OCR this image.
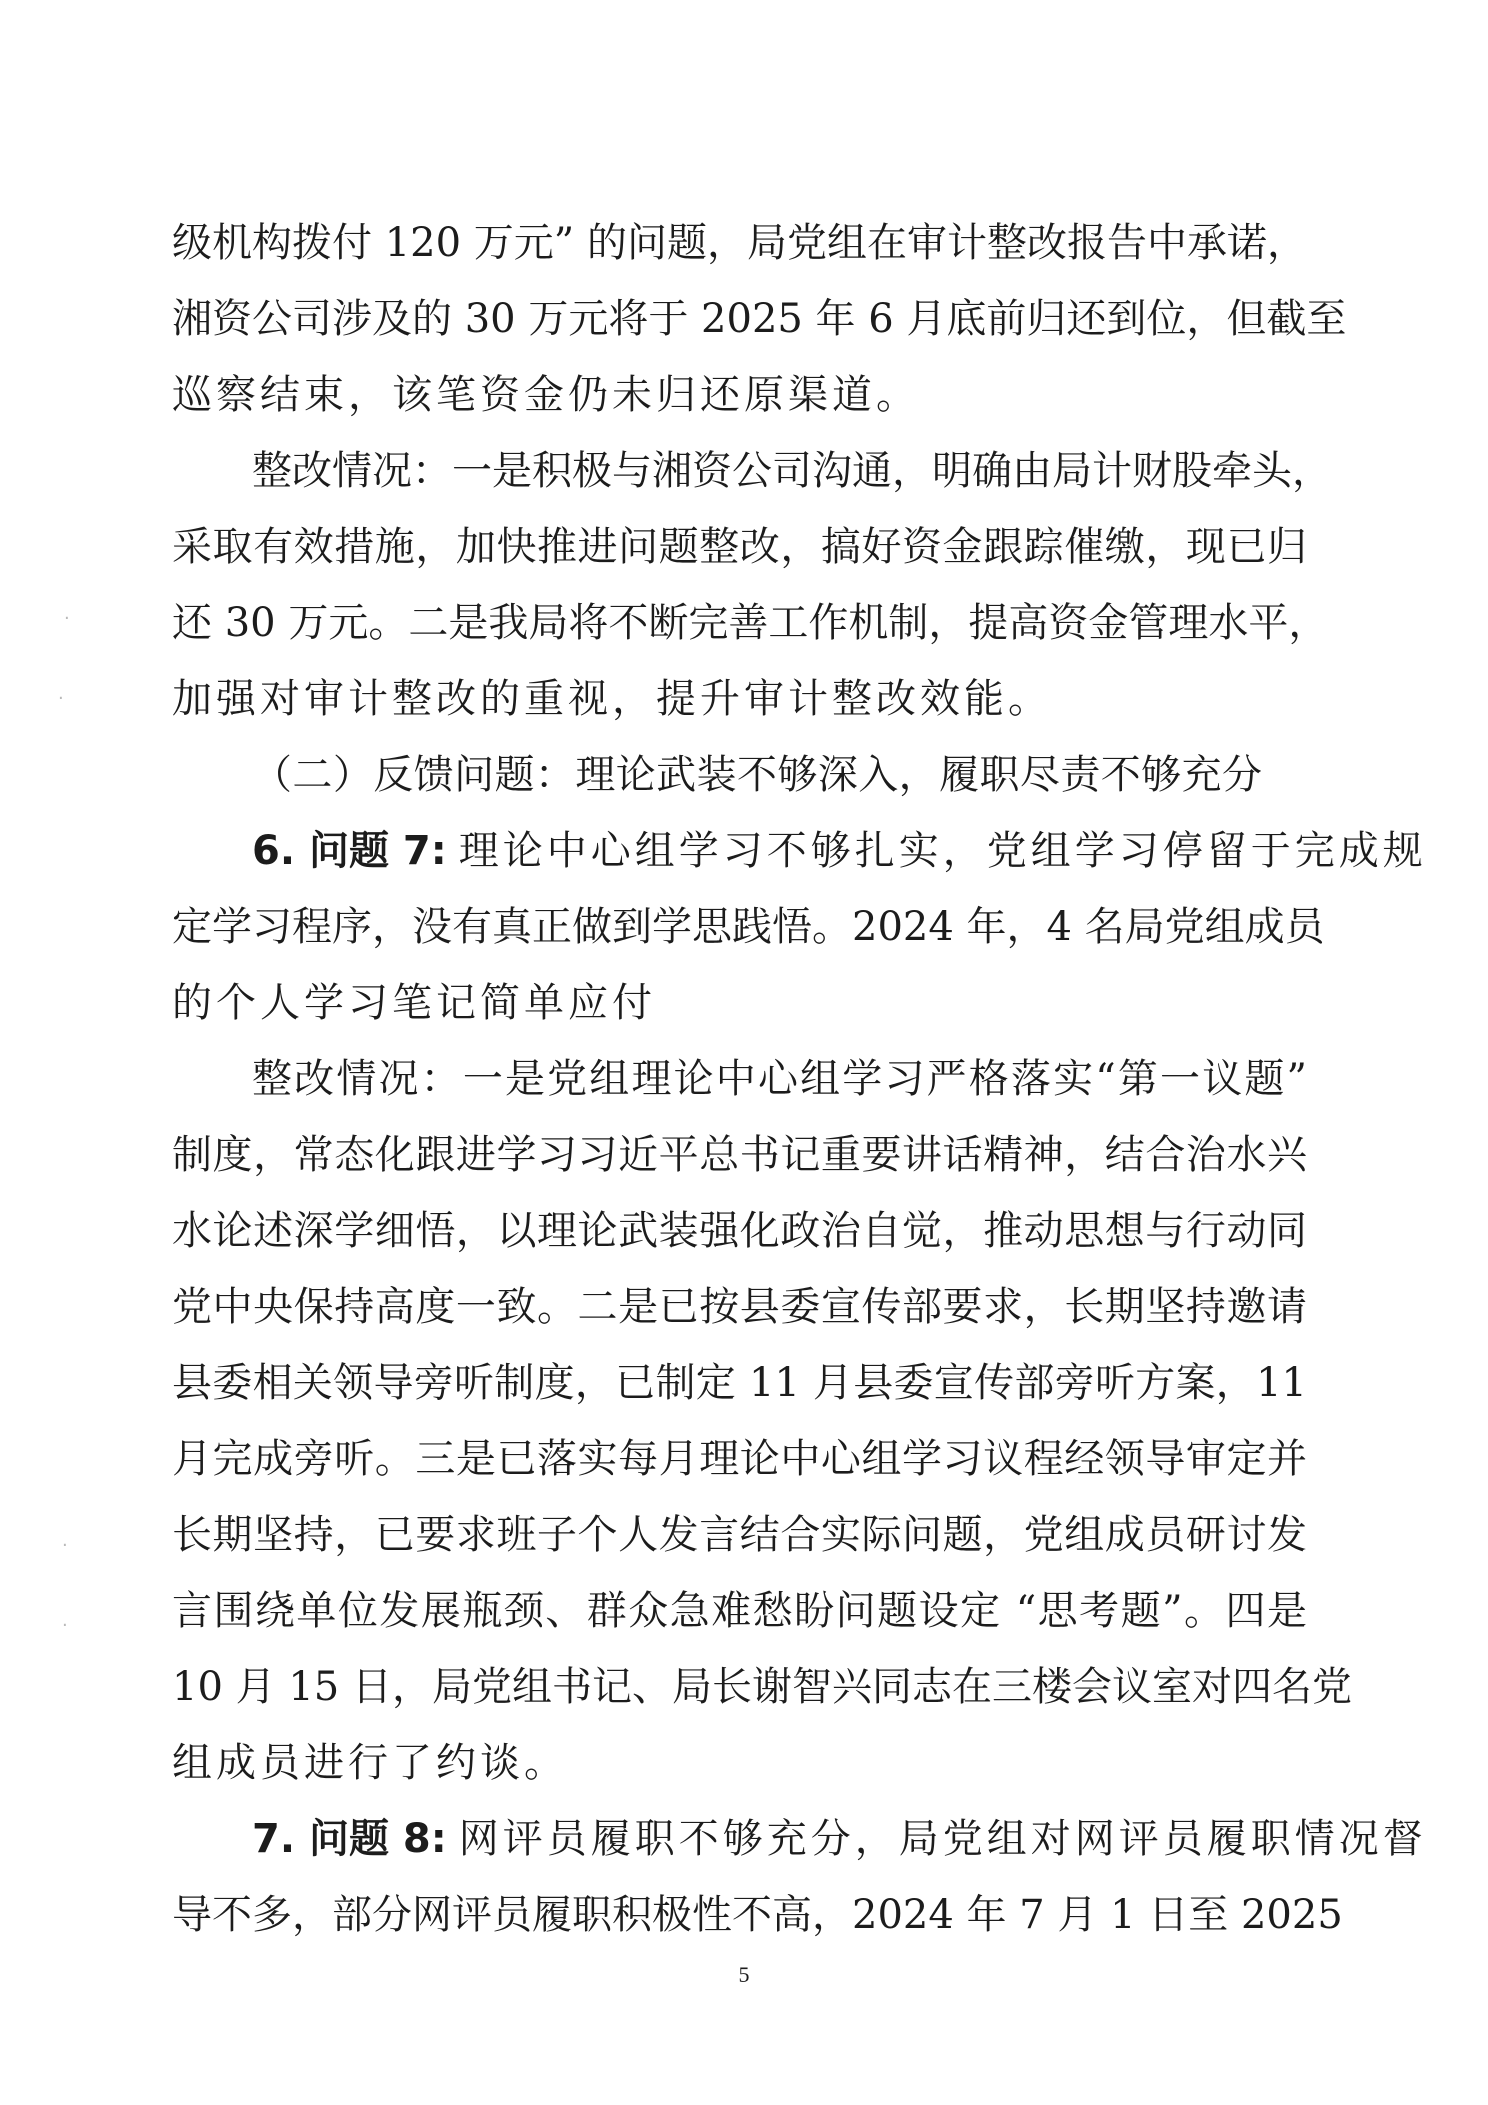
级机构拨付 120 万元” 的问题，局党组在审计整改报告中承诺，
湘资公司涉及的 30 万元将于 2025 年 6 月底前归还到位，但截至
巡察结束，该笔资金仍未归还原渠道。
整改情况：一是积极与湘资公司沟通，明确由局计财股牵头，
采取有效措施，加快推进问题整改，搞好资金跟踪催缴，现已归
还 30 万元。二是我局将不断完善工作机制，提高资金管理水平，
加强对审计整改的重视，提升审计整改效能。
（二）反馈问题：理论武装不够深入，履职尽责不够充分
6. 问题 7: 理论中心组学习不够扎实，党组学习停留于完成规
定学习程序，没有真正做到学思践悟。2024 年，4 名局党组成员
的个人学习笔记简单应付
整改情况：一是党组理论中心组学习严格落实“第一议题”
制度，常态化跟进学习习近平总书记重要讲话精神，结合治水兴
水论述深学细悟，以理论武装强化政治自觉，推动思想与行动同
党中央保持高度一致。二是已按县委宣传部要求，长期坚持邀请
县委相关领导旁听制度，已制定 11 月县委宣传部旁听方案，11
月完成旁听。三是已落实每月理论中心组学习议程经领导审定并
长期坚持，已要求班子个人发言结合实际问题，党组成员研讨发
言围绕单位发展瓶颈、群众急难愁盼问题设定 “思考题”。四是
10 月 15 日，局党组书记、局长谢智兴同志在三楼会议室对四名党
组成员进行了约谈。
7. 问题 8: 网评员履职不够充分，局党组对网评员履职情况督
导不多，部分网评员履职积极性不高，2024 年 7 月 1 日至 2025
5
·
·
·
·
